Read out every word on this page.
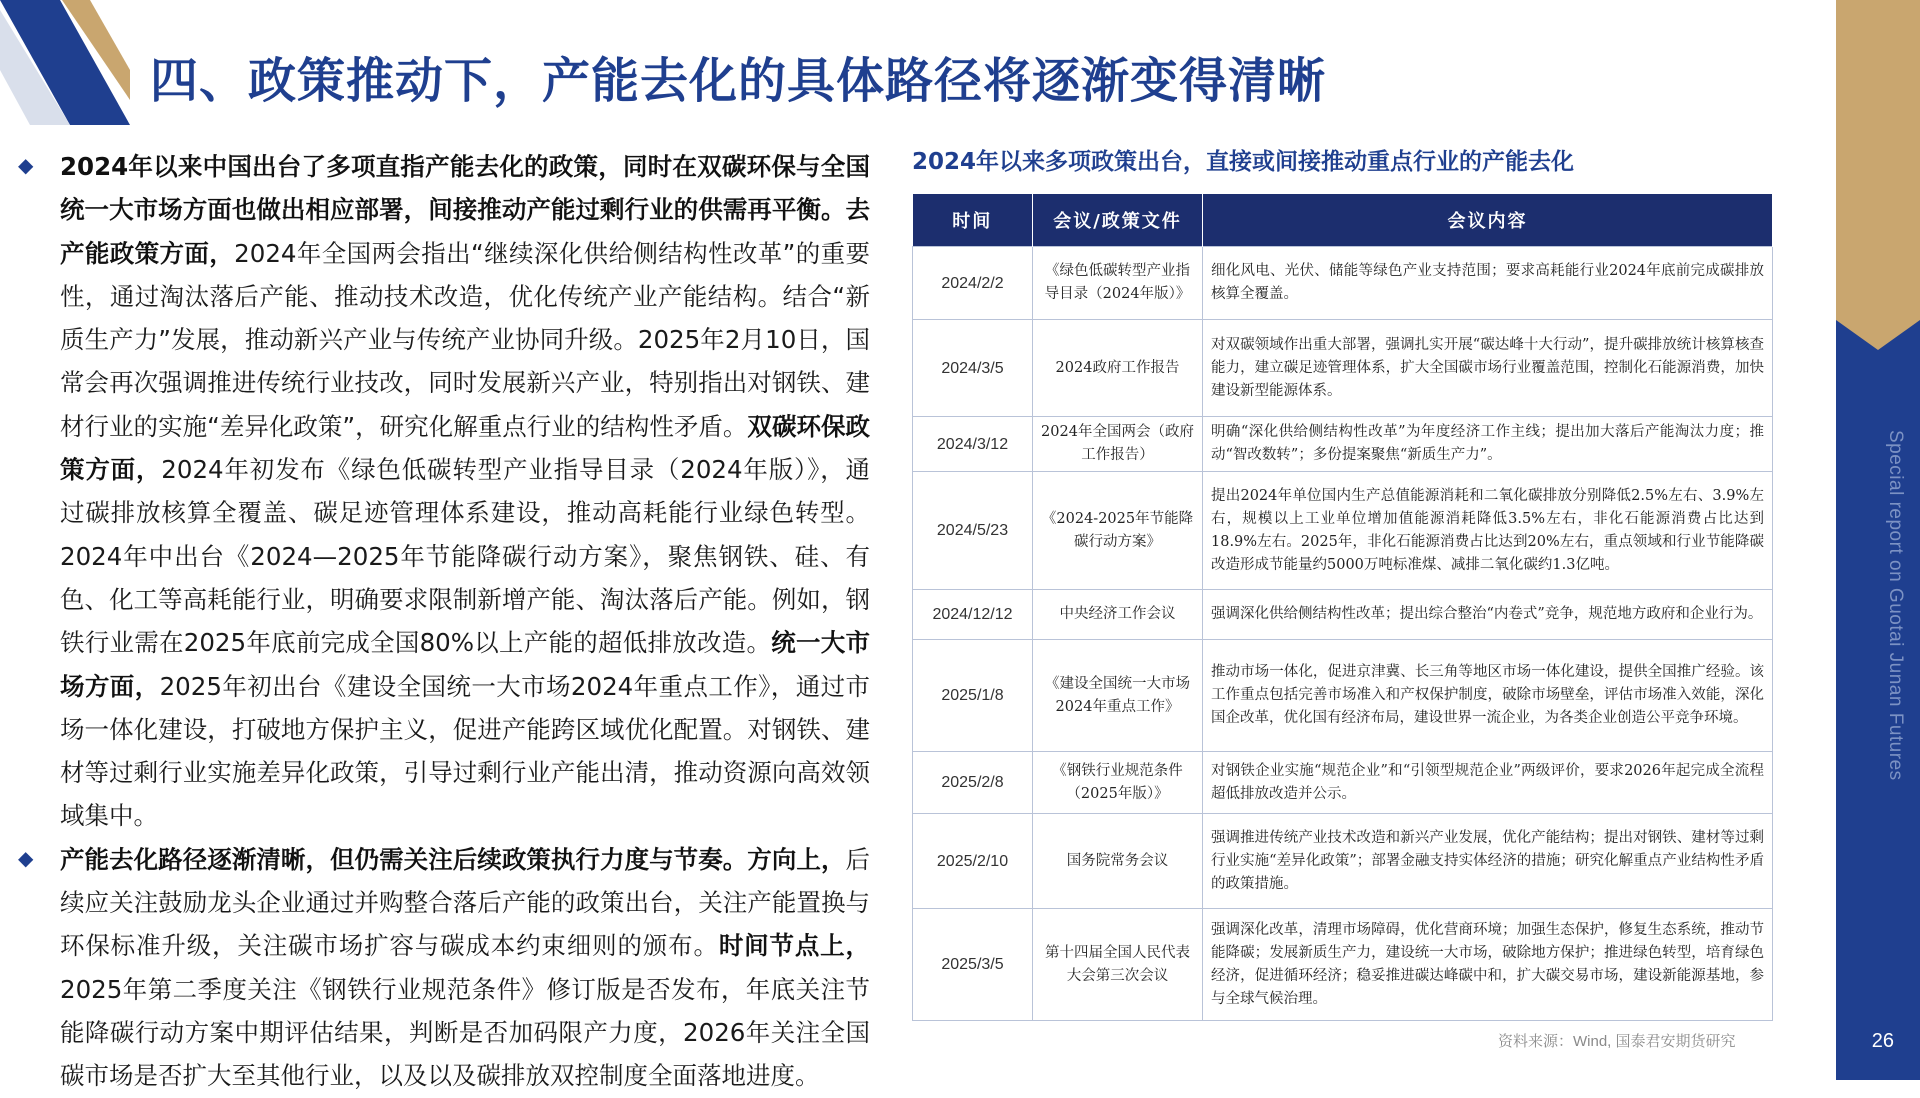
四、政策推动下，产能去化的具体路径将逐渐变得清晰
Special report on Guotai Junan Futures
26
◆	2024年以来中国出台了多项直指产能去化的政策，同时在双碳环保与全国统一大市场方面也做出相应部署，间接推动产能过剩行业的供需再平衡。去产能政策方面，2024年全国两会指出“继续深化供给侧结构性改革”的重要性，通过淘汰落后产能、推动技术改造，优化传统产业产能结构。结合“新质生产力”发展，推动新兴产业与传统产业协同升级。2025年2月10日，国常会再次强调推进传统行业技改，同时发展新兴产业，特别指出对钢铁、建材行业的实施“差异化政策”，研究化解重点行业的结构性矛盾。双碳环保政策方面，2024年初发布《绿色低碳转型产业指导目录（2024年版）》，通过碳排放核算全覆盖、碳足迹管理体系建设，推动高耗能行业绿色转型。2024年中出台《2024—2025年节能降碳行动方案》，聚焦钢铁、硅、有色、化工等高耗能行业，明确要求限制新增产能、淘汰落后产能。例如，钢铁行业需在2025年底前完成全国80%以上产能的超低排放改造。统一大市场方面，2025年初出台《建设全国统一大市场2024年重点工作》，通过市场一体化建设，打破地方保护主义，促进产能跨区域优化配置。对钢铁、建材等过剩行业实施差异化政策，引导过剩行业产能出清，推动资源向高效领域集中。
◆	产能去化路径逐渐清晰，但仍需关注后续政策执行力度与节奏。方向上，后续应关注鼓励龙头企业通过并购整合落后产能的政策出台，关注产能置换与环保标准升级，关注碳市场扩容与碳成本约束细则的颁布。时间节点上，2025年第二季度关注《钢铁行业规范条件》修订版是否发布，年底关注节能降碳行动方案中期评估结果，判断是否加码限产力度，2026年关注全国碳市场是否扩大至其他行业，以及以及碳排放双控制度全面落地进度。
2024年以来多项政策出台，直接或间接推动重点行业的产能去化
时间	会议/政策文件	会议内容
2024/2/2	《绿色低碳转型产业指导目录（2024年版）》	细化风电、光伏、储能等绿色产业支持范围；要求高耗能行业2024年底前完成碳排放核算全覆盖。
2024/3/5	2024政府工作报告	对双碳领域作出重大部署，强调扎实开展“碳达峰十大行动”，提升碳排放统计核算核查能力，建立碳足迹管理体系，扩大全国碳市场行业覆盖范围，控制化石能源消费，加快建设新型能源体系。
2024/3/12	2024年全国两会（政府工作报告）	明确“深化供给侧结构性改革”为年度经济工作主线；提出加大落后产能淘汰力度；推动“智改数转”；多份提案聚焦“新质生产力”。
2024/5/23	《2024-2025年节能降碳行动方案》	提出2024年单位国内生产总值能源消耗和二氧化碳排放分别降低2.5%左右、3.9%左右，规模以上工业单位增加值能源消耗降低3.5%左右，非化石能源消费占比达到18.9%左右。2025年，非化石能源消费占比达到20%左右，重点领域和行业节能降碳改造形成节能量约5000万吨标准煤、减排二氧化碳约1.3亿吨。
2024/12/12	中央经济工作会议	强调深化供给侧结构性改革；提出综合整治“内卷式”竞争，规范地方政府和企业行为。
2025/1/8	《建设全国统一大市场2024年重点工作》	推动市场一体化，促进京津冀、长三角等地区市场一体化建设，提供全国推广经验。该工作重点包括完善市场准入和产权保护制度，破除市场壁垒，评估市场准入效能，深化国企改革，优化国有经济布局，建设世界一流企业，为各类企业创造公平竞争环境。
2025/2/8	《钢铁行业规范条件（2025年版）》	对钢铁企业实施“规范企业”和“引领型规范企业”两级评价，要求2026年起完成全流程超低排放改造并公示。
2025/2/10	国务院常务会议	强调推进传统产业技术改造和新兴产业发展，优化产能结构；提出对钢铁、建材等过剩行业实施“差异化政策”；部署金融支持实体经济的措施；研究化解重点产业结构性矛盾的政策措施。
2025/3/5	第十四届全国人民代表大会第三次会议	强调深化改革，清理市场障碍，优化营商环境；加强生态保护，修复生态系统，推动节能降碳；发展新质生产力，建设统一大市场，破除地方保护；推进绿色转型，培育绿色经济，促进循环经济；稳妥推进碳达峰碳中和，扩大碳交易市场，建设新能源基地，参与全球气候治理。
资料来源：Wind, 国泰君安期货研究
